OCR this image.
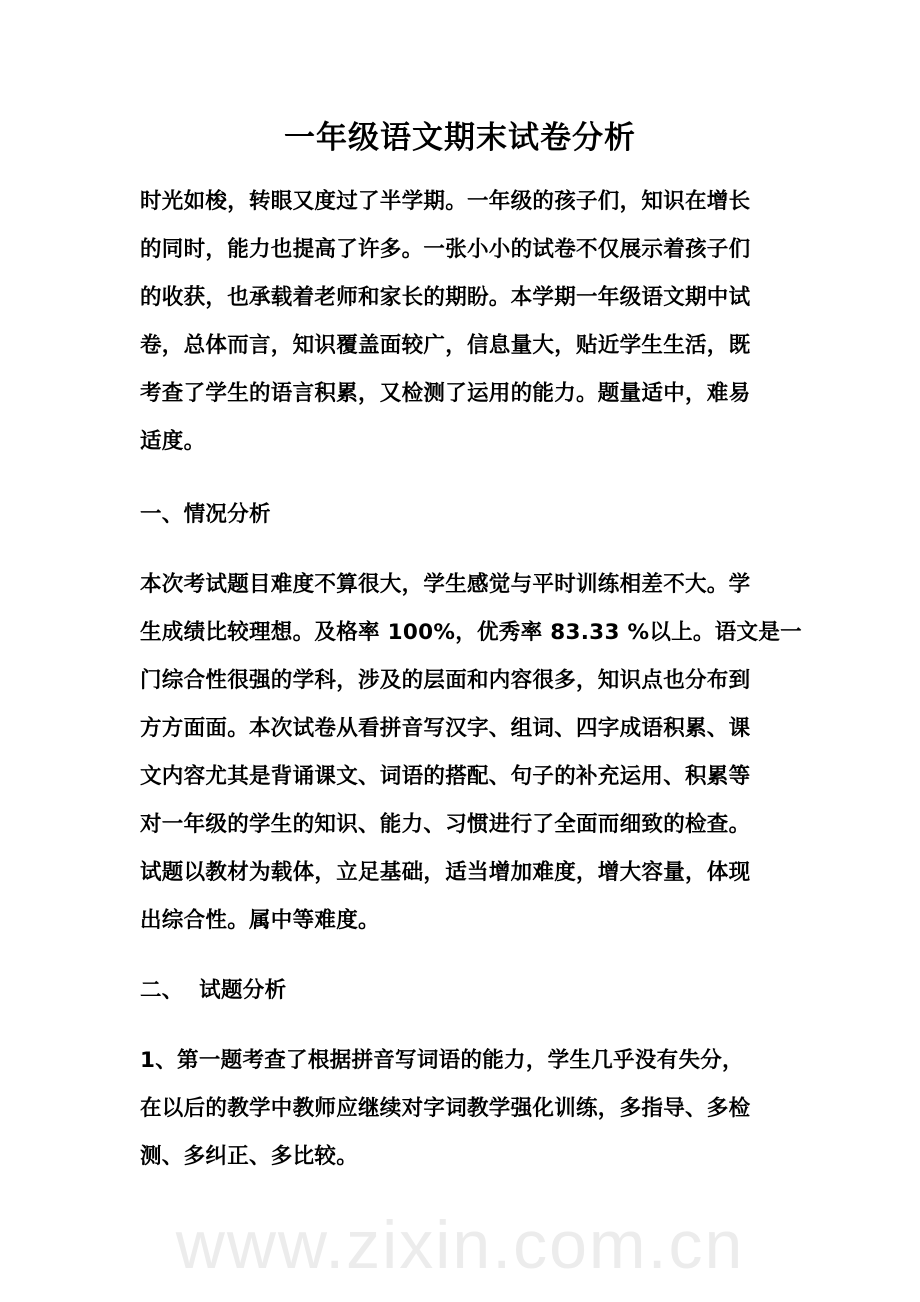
一年级语文期末试卷分析
时光如梭，转眼又度过了半学期。一年级的孩子们，知识在增长
的同时，能力也提高了许多。一张小小的试卷不仅展示着孩子们
的收获，也承载着老师和家长的期盼。本学期一年级语文期中试
卷，总体而言，知识覆盖面较广，信息量大，贴近学生生活，既
考查了学生的语言积累，又检测了运用的能力。题量适中，难易
适度。
一、情况分析
本次考试题目难度不算很大，学生感觉与平时训练相差不大。学
生成绩比较理想。及格率 100%，优秀率 83.33 %以上。语文是一
门综合性很强的学科，涉及的层面和内容很多，知识点也分布到
方方面面。本次试卷从看拼音写汉字、组词、四字成语积累、课
文内容尤其是背诵课文、词语的搭配、句子的补充运用、积累等
对一年级的学生的知识、能力、习惯进行了全面而细致的检查。
试题以教材为载体，立足基础，适当增加难度，增大容量，体现
出综合性。属中等难度。
二、  试题分析
1、第一题考查了根据拼音写词语的能力，学生几乎没有失分，
在以后的教学中教师应继续对字词教学强化训练，多指导、多检
测、多纠正、多比较。
www.zixin.com.cn
